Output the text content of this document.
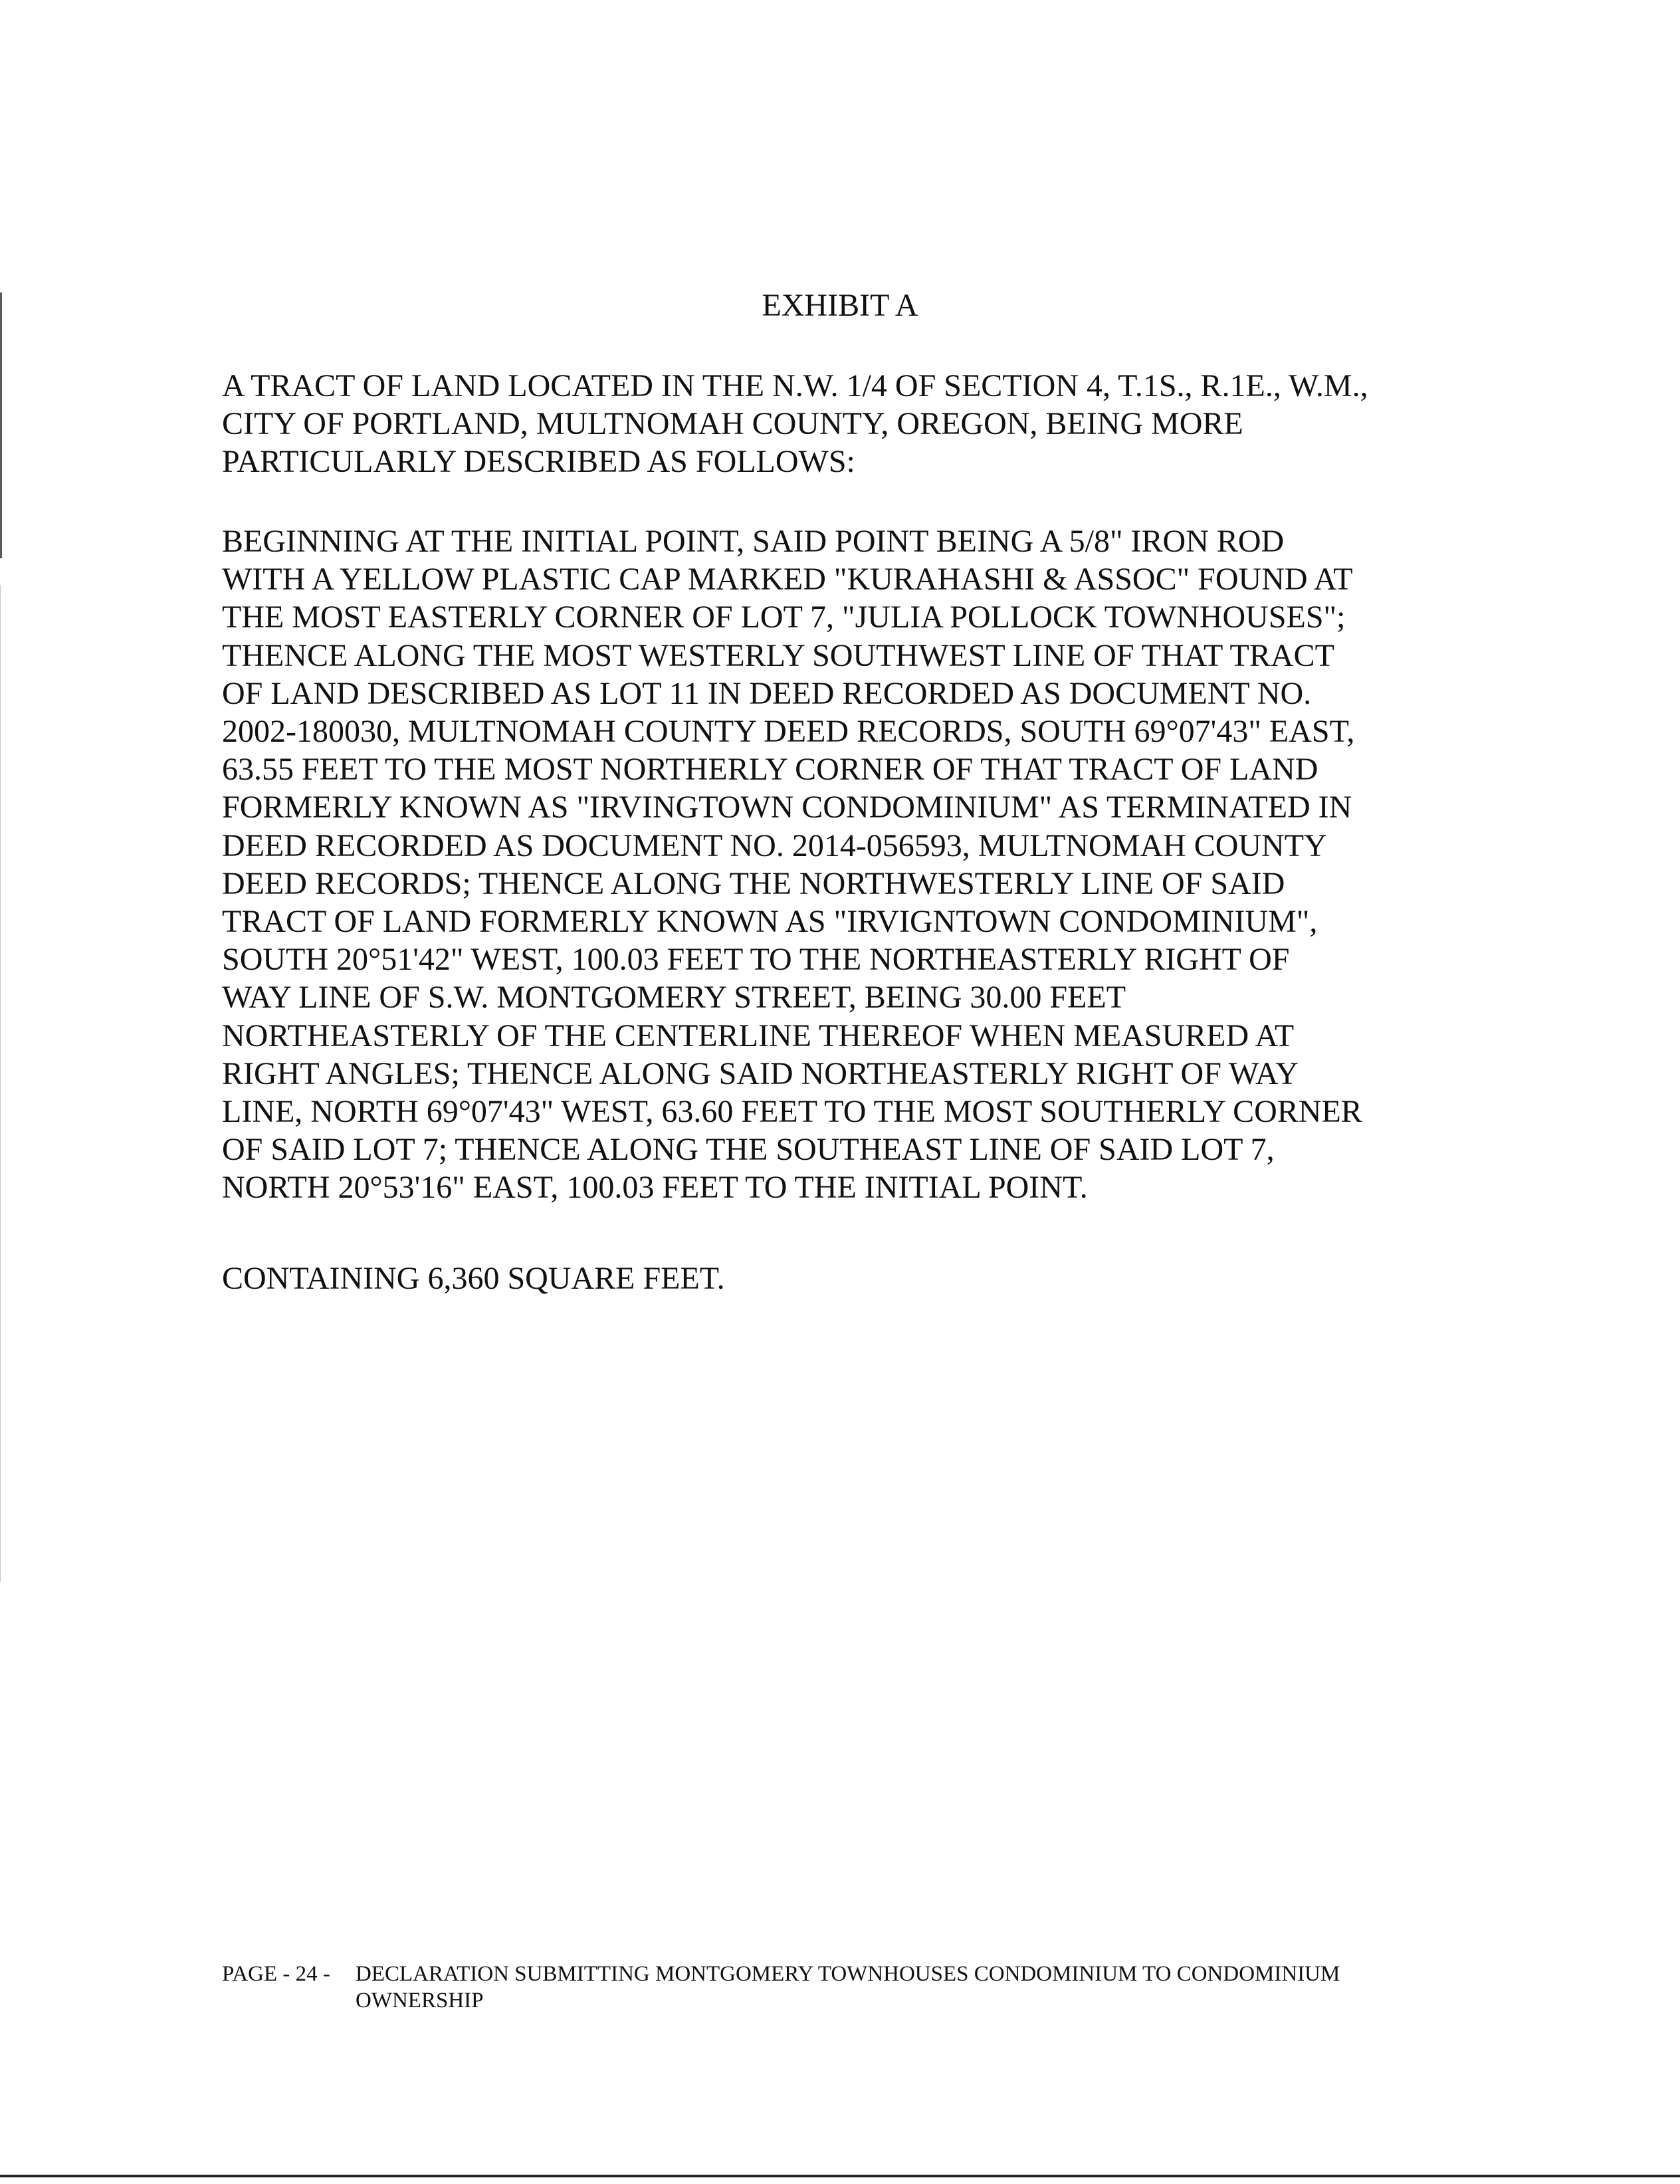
EXHIBIT A
A TRACT OF LAND LOCATED IN THE N.W. 1/4 OF SECTION 4, T.1S., R.1E., W.M.,
CITY OF PORTLAND, MULTNOMAH COUNTY, OREGON, BEING MORE
PARTICULARLY DESCRIBED AS FOLLOWS:
BEGINNING AT THE INITIAL POINT, SAID POINT BEING A 5/8" IRON ROD
WITH A YELLOW PLASTIC CAP MARKED "KURAHASHI & ASSOC" FOUND AT
THE MOST EASTERLY CORNER OF LOT 7, "JULIA POLLOCK TOWNHOUSES";
THENCE ALONG THE MOST WESTERLY SOUTHWEST LINE OF THAT TRACT
OF LAND DESCRIBED AS LOT 11 IN DEED RECORDED AS DOCUMENT NO.
2002-180030, MULTNOMAH COUNTY DEED RECORDS, SOUTH 69°07'43" EAST,
63.55 FEET TO THE MOST NORTHERLY CORNER OF THAT TRACT OF LAND
FORMERLY KNOWN AS "IRVINGTOWN CONDOMINIUM" AS TERMINATED IN
DEED RECORDED AS DOCUMENT NO. 2014-056593, MULTNOMAH COUNTY
DEED RECORDS; THENCE ALONG THE NORTHWESTERLY LINE OF SAID
TRACT OF LAND FORMERLY KNOWN AS "IRVIGNTOWN CONDOMINIUM",
SOUTH 20°51'42" WEST, 100.03 FEET TO THE NORTHEASTERLY RIGHT OF
WAY LINE OF S.W. MONTGOMERY STREET, BEING 30.00 FEET
NORTHEASTERLY OF THE CENTERLINE THEREOF WHEN MEASURED AT
RIGHT ANGLES; THENCE ALONG SAID NORTHEASTERLY RIGHT OF WAY
LINE, NORTH 69°07'43" WEST, 63.60 FEET TO THE MOST SOUTHERLY CORNER
OF SAID LOT 7; THENCE ALONG THE SOUTHEAST LINE OF SAID LOT 7,
NORTH 20°53'16" EAST, 100.03 FEET TO THE INITIAL POINT.
CONTAINING 6,360 SQUARE FEET.
PAGE - 24 - DECLARATION SUBMITTING MONTGOMERY TOWNHOUSES CONDOMINIUM TO CONDOMINIUM
OWNERSHIP
